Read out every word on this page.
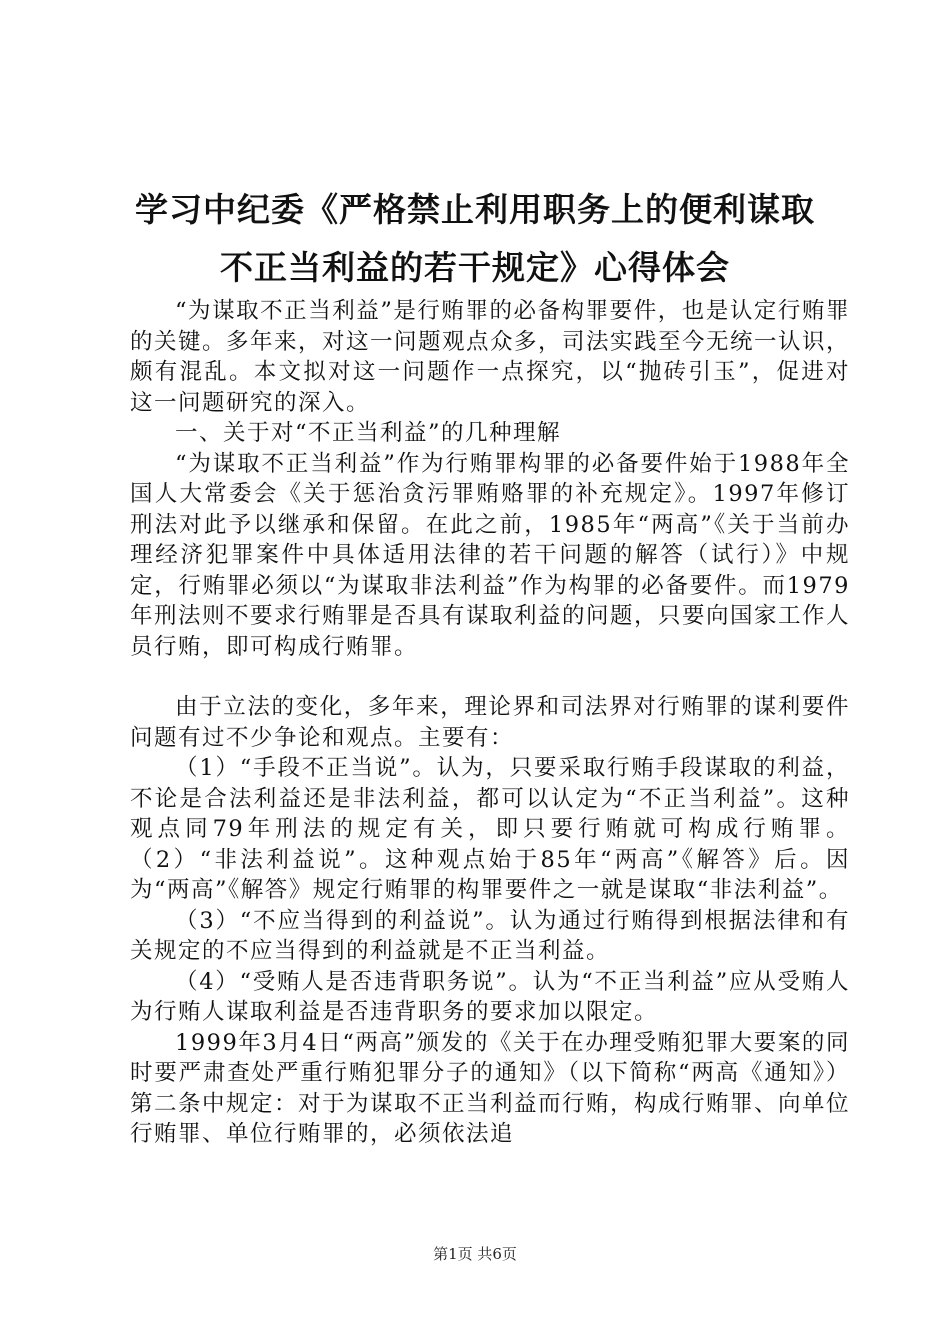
学习中纪委《严格禁止利用职务上的便利谋取
不正当利益的若干规定》心得体会

“为谋取不正当利益”是行贿罪的必备构罪要件，也是认定行贿罪的关键。多年来，对这一问题观点众多，司法实践至今无统一认识，颇有混乱。本文拟对这一问题作一点探究，以“抛砖引玉”，促进对这一问题研究的深入。

一、关于对“不正当利益”的几种理解

“为谋取不正当利益”作为行贿罪构罪的必备要件始于1988年全国人大常委会《关于惩治贪污罪贿赂罪的补充规定》。1997年修订刑法对此予以继承和保留。在此之前，1985年“两高”《关于当前办理经济犯罪案件中具体适用法律的若干问题的解答（试行）》中规定，行贿罪必须以“为谋取非法利益”作为构罪的必备要件。而1979年刑法则不要求行贿罪是否具有谋取利益的问题，只要向国家工作人员行贿，即可构成行贿罪。

由于立法的变化，多年来，理论界和司法界对行贿罪的谋利要件问题有过不少争论和观点。主要有：

（1）“手段不正当说”。认为，只要采取行贿手段谋取的利益，不论是合法利益还是非法利益，都可以认定为“不正当利益”。这种观点同79年刑法的规定有关，即只要行贿就可构成行贿罪。（2）“非法利益说”。这种观点始于85年“两高”《解答》后。因为“两高”《解答》规定行贿罪的构罪要件之一就是谋取“非法利益”。

（3）“不应当得到的利益说”。认为通过行贿得到根据法律和有关规定的不应当得到的利益就是不正当利益。

（4）“受贿人是否违背职务说”。认为“不正当利益”应从受贿人为行贿人谋取利益是否违背职务的要求加以限定。

1999年3月4日“两高”颁发的《关于在办理受贿犯罪大要案的同时要严肃查处严重行贿犯罪分子的通知》（以下简称“两高《通知》）第二条中规定：对于为谋取不正当利益而行贿，构成行贿罪、向单位行贿罪、单位行贿罪的，必须依法追

第1页 共6页
